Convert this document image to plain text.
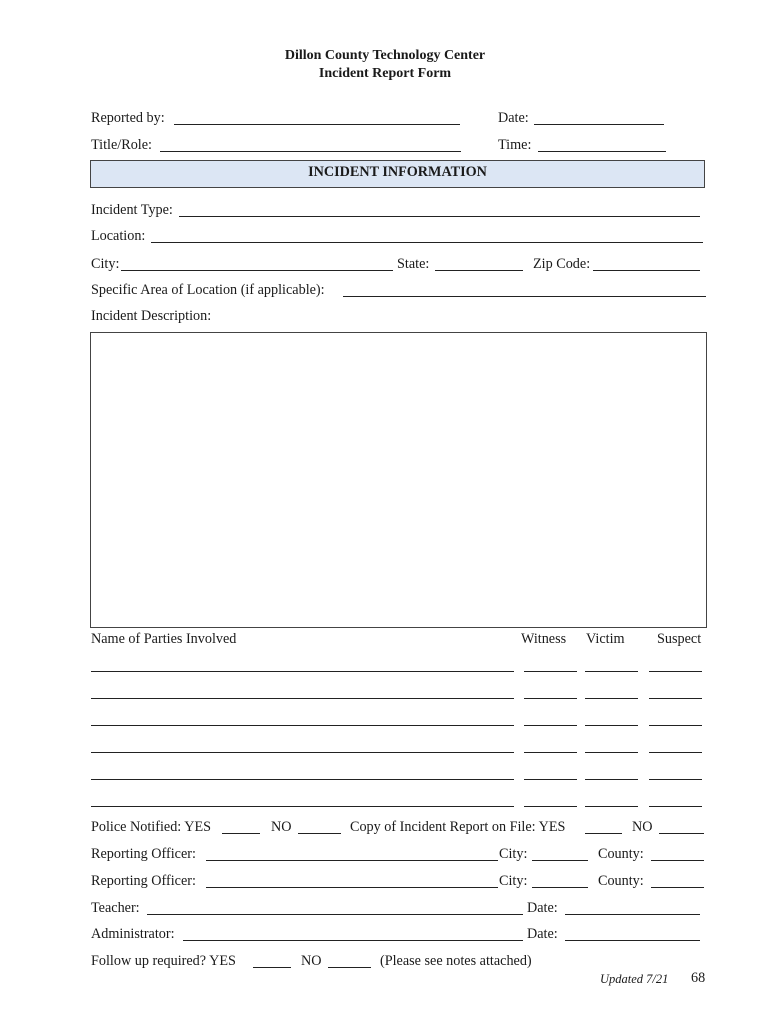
Dillon County Technology Center
Incident Report Form
Reported by:	Date:
Title/Role:	Time:
INCIDENT INFORMATION
Incident Type:
Location:
City:	State:	Zip Code:
Specific Area of Location (if applicable):
Incident Description:
Name of Parties Involved	Witness Victim Suspect
Police Notified: YES	NO	Copy of Incident Report on File: YES	NO
Reporting Officer:	City:	County:
Reporting Officer:	City:	County:
Teacher:	Date:
Administrator:	Date:
Follow up required? YES	NO	(Please see notes attached)
Updated 7/21 68
